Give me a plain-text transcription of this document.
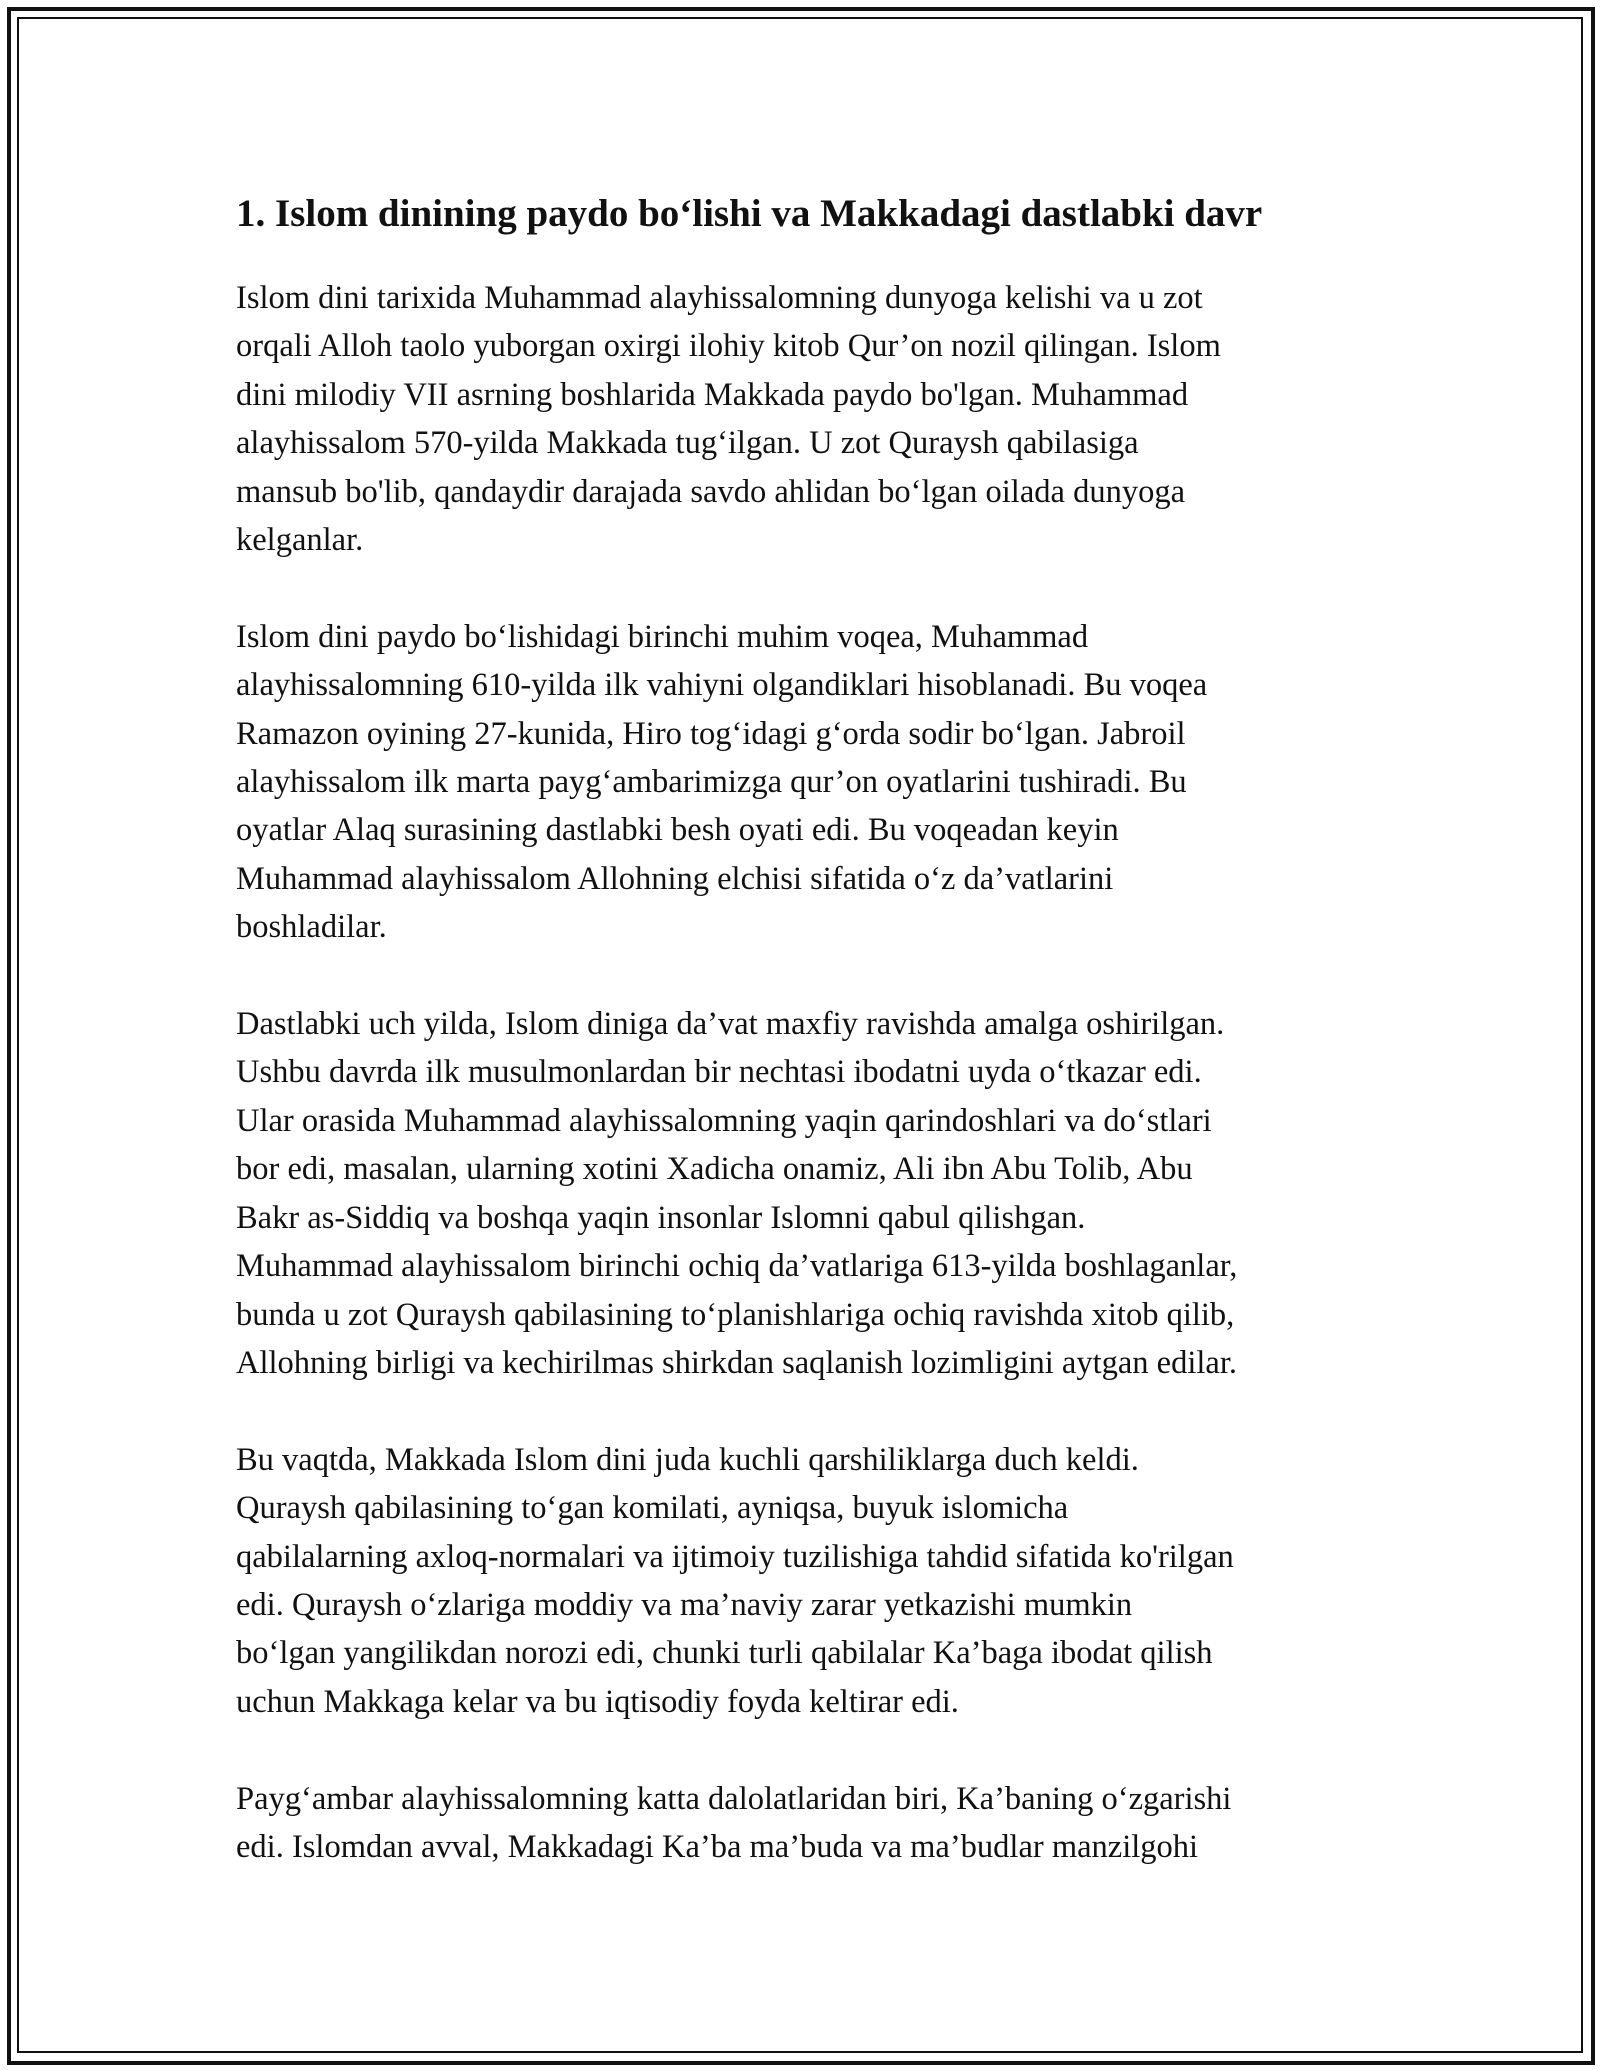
1. Islom dinining paydo bo‘lishi va Makkadagi dastlabki davr

Islom dini tarixida Muhammad alayhissalomning dunyoga kelishi va u zot
orqali Alloh taolo yuborgan oxirgi ilohiy kitob Qur’on nozil qilingan. Islom
dini milodiy VII asrning boshlarida Makkada paydo bo'lgan. Muhammad
alayhissalom 570-yilda Makkada tug‘ilgan. U zot Quraysh qabilasiga
mansub bo'lib, qandaydir darajada savdo ahlidan bo‘lgan oilada dunyoga
kelganlar.

Islom dini paydo bo‘lishidagi birinchi muhim voqea, Muhammad
alayhissalomning 610-yilda ilk vahiyni olgandiklari hisoblanadi. Bu voqea
Ramazon oyining 27-kunida, Hiro tog‘idagi g‘orda sodir bo‘lgan. Jabroil
alayhissalom ilk marta payg‘ambarimizga qur’on oyatlarini tushiradi. Bu
oyatlar Alaq surasining dastlabki besh oyati edi. Bu voqeadan keyin
Muhammad alayhissalom Allohning elchisi sifatida o‘z da’vatlarini
boshladilar.

Dastlabki uch yilda, Islom diniga da’vat maxfiy ravishda amalga oshirilgan.
Ushbu davrda ilk musulmonlardan bir nechtasi ibodatni uyda o‘tkazar edi.
Ular orasida Muhammad alayhissalomning yaqin qarindoshlari va do‘stlari
bor edi, masalan, ularning xotini Xadicha onamiz, Ali ibn Abu Tolib, Abu
Bakr as-Siddiq va boshqa yaqin insonlar Islomni qabul qilishgan.
Muhammad alayhissalom birinchi ochiq da’vatlariga 613-yilda boshlaganlar,
bunda u zot Quraysh qabilasining to‘planishlariga ochiq ravishda xitob qilib,
Allohning birligi va kechirilmas shirkdan saqlanish lozimligini aytgan edilar.

Bu vaqtda, Makkada Islom dini juda kuchli qarshiliklarga duch keldi.
Quraysh qabilasining to‘gan komilati, ayniqsa, buyuk islomicha
qabilalarning axloq-normalari va ijtimoiy tuzilishiga tahdid sifatida ko'rilgan
edi. Quraysh o‘zlariga moddiy va ma’naviy zarar yetkazishi mumkin
bo‘lgan yangilikdan norozi edi, chunki turli qabilalar Ka’baga ibodat qilish
uchun Makkaga kelar va bu iqtisodiy foyda keltirar edi.

Payg‘ambar alayhissalomning katta dalolatlaridan biri, Ka’baning o‘zgarishi
edi. Islomdan avval, Makkadagi Ka’ba ma’buda va ma’budlar manzilgohi
